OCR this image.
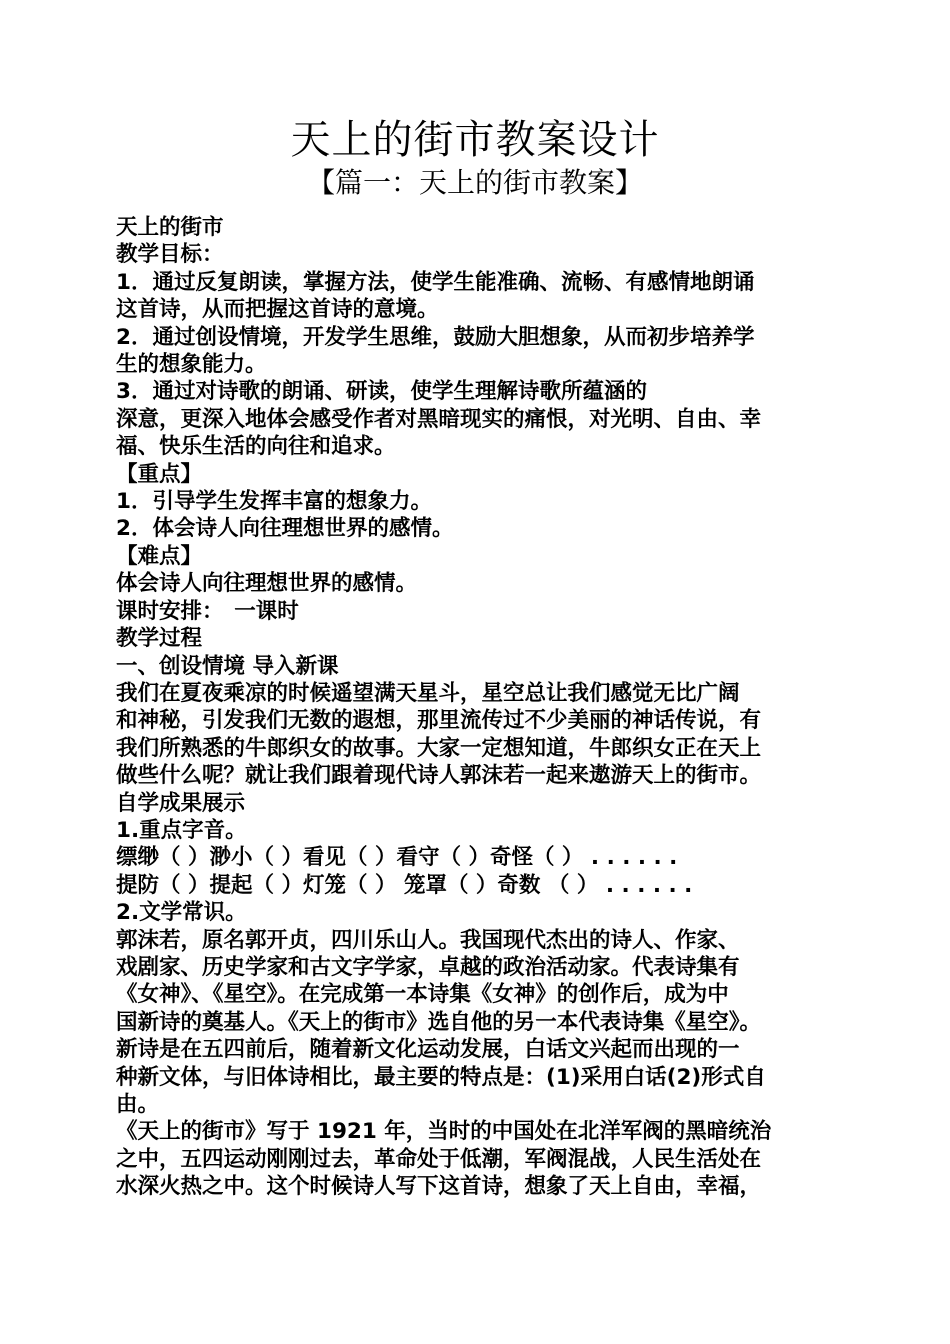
天上的街市教案设计
【篇一：天上的街市教案】

天上的街市

教学目标：

1．通过反复朗读，掌握方法，使学生能准确、流畅、有感情地朗诵

这首诗，从而把握这首诗的意境。

2．通过创设情境，开发学生思维，鼓励大胆想象，从而初步培养学

生的想象能力。

3．通过对诗歌的朗诵、研读，使学生理解诗歌所蕴涵的

深意，更深入地体会感受作者对黑暗现实的痛恨，对光明、自由、幸

福、快乐生活的向往和追求。

【重点】

1．引导学生发挥丰富的想象力。

2．体会诗人向往理想世界的感情。

【难点】

体会诗人向往理想世界的感情。

课时安排：　一课时

教学过程

一、创设情境 导入新课

我们在夏夜乘凉的时候遥望满天星斗，星空总让我们感觉无比广阔

和神秘，引发我们无数的遐想，那里流传过不少美丽的神话传说，有

我们所熟悉的牛郎织女的故事。大家一定想知道，牛郎织女正在天上

做些什么呢？就让我们跟着现代诗人郭沫若一起来遨游天上的街市。

自学成果展示

1.重点字音。

缥缈（ ）渺小（ ）看见（ ）看守（ ）奇怪（ ） . . . . . .

提防（ ）提起（ ）灯笼（ ） 笼罩（ ）奇数 （ ） . . . . . .

2.文学常识。

郭沫若，原名郭开贞，四川乐山人。我国现代杰出的诗人、作家、

戏剧家、历史学家和古文字学家，卓越的政治活动家。代表诗集有

《女神》、《星空》。在完成第一本诗集《女神》的创作后，成为中

国新诗的奠基人。《天上的街市》选自他的另一本代表诗集《星空》。

新诗是在五四前后，随着新文化运动发展，白话文兴起而出现的一

种新文体，与旧体诗相比，最主要的特点是：(1)采用白话(2)形式自

由。

《天上的街市》写于 1921 年，当时的中国处在北洋军阀的黑暗统治

之中，五四运动刚刚过去，革命处于低潮，军阀混战，人民生活处在

水深火热之中。这个时候诗人写下这首诗，想象了天上自由，幸福，
